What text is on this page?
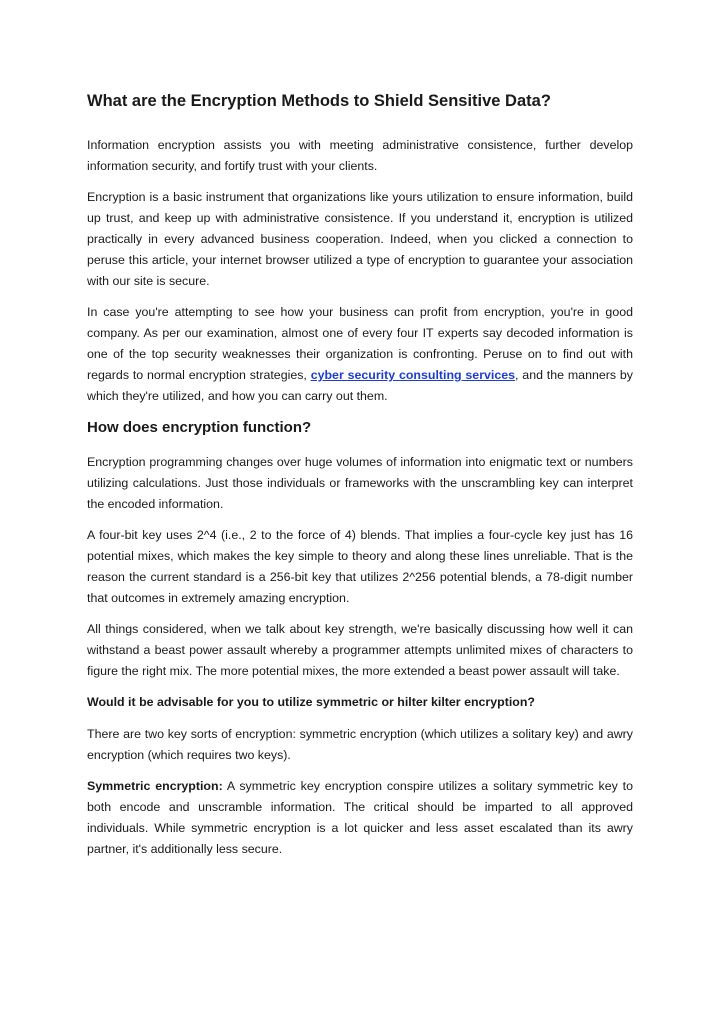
What are the Encryption Methods to Shield Sensitive Data?

Information encryption assists you with meeting administrative consistence, further develop information security, and fortify trust with your clients.

Encryption is a basic instrument that organizations like yours utilization to ensure information, build up trust, and keep up with administrative consistence. If you understand it, encryption is utilized practically in every advanced business cooperation. Indeed, when you clicked a connection to peruse this article, your internet browser utilized a type of encryption to guarantee your association with our site is secure.

In case you're attempting to see how your business can profit from encryption, you're in good company. As per our examination, almost one of every four IT experts say decoded information is one of the top security weaknesses their organization is confronting. Peruse on to find out with regards to normal encryption strategies, cyber security consulting services, and the manners by which they're utilized, and how you can carry out them.

How does encryption function?

Encryption programming changes over huge volumes of information into enigmatic text or numbers utilizing calculations. Just those individuals or frameworks with the unscrambling key can interpret the encoded information.

A four-bit key uses 2^4 (i.e., 2 to the force of 4) blends. That implies a four-cycle key just has 16 potential mixes, which makes the key simple to theory and along these lines unreliable. That is the reason the current standard is a 256-bit key that utilizes 2^256 potential blends, a 78-digit number that outcomes in extremely amazing encryption.

All things considered, when we talk about key strength, we're basically discussing how well it can withstand a beast power assault whereby a programmer attempts unlimited mixes of characters to figure the right mix. The more potential mixes, the more extended a beast power assault will take.

Would it be advisable for you to utilize symmetric or hilter kilter encryption?

There are two key sorts of encryption: symmetric encryption (which utilizes a solitary key) and awry encryption (which requires two keys).

Symmetric encryption: A symmetric key encryption conspire utilizes a solitary symmetric key to both encode and unscramble information. The critical should be imparted to all approved individuals. While symmetric encryption is a lot quicker and less asset escalated than its awry partner, it's additionally less secure.
